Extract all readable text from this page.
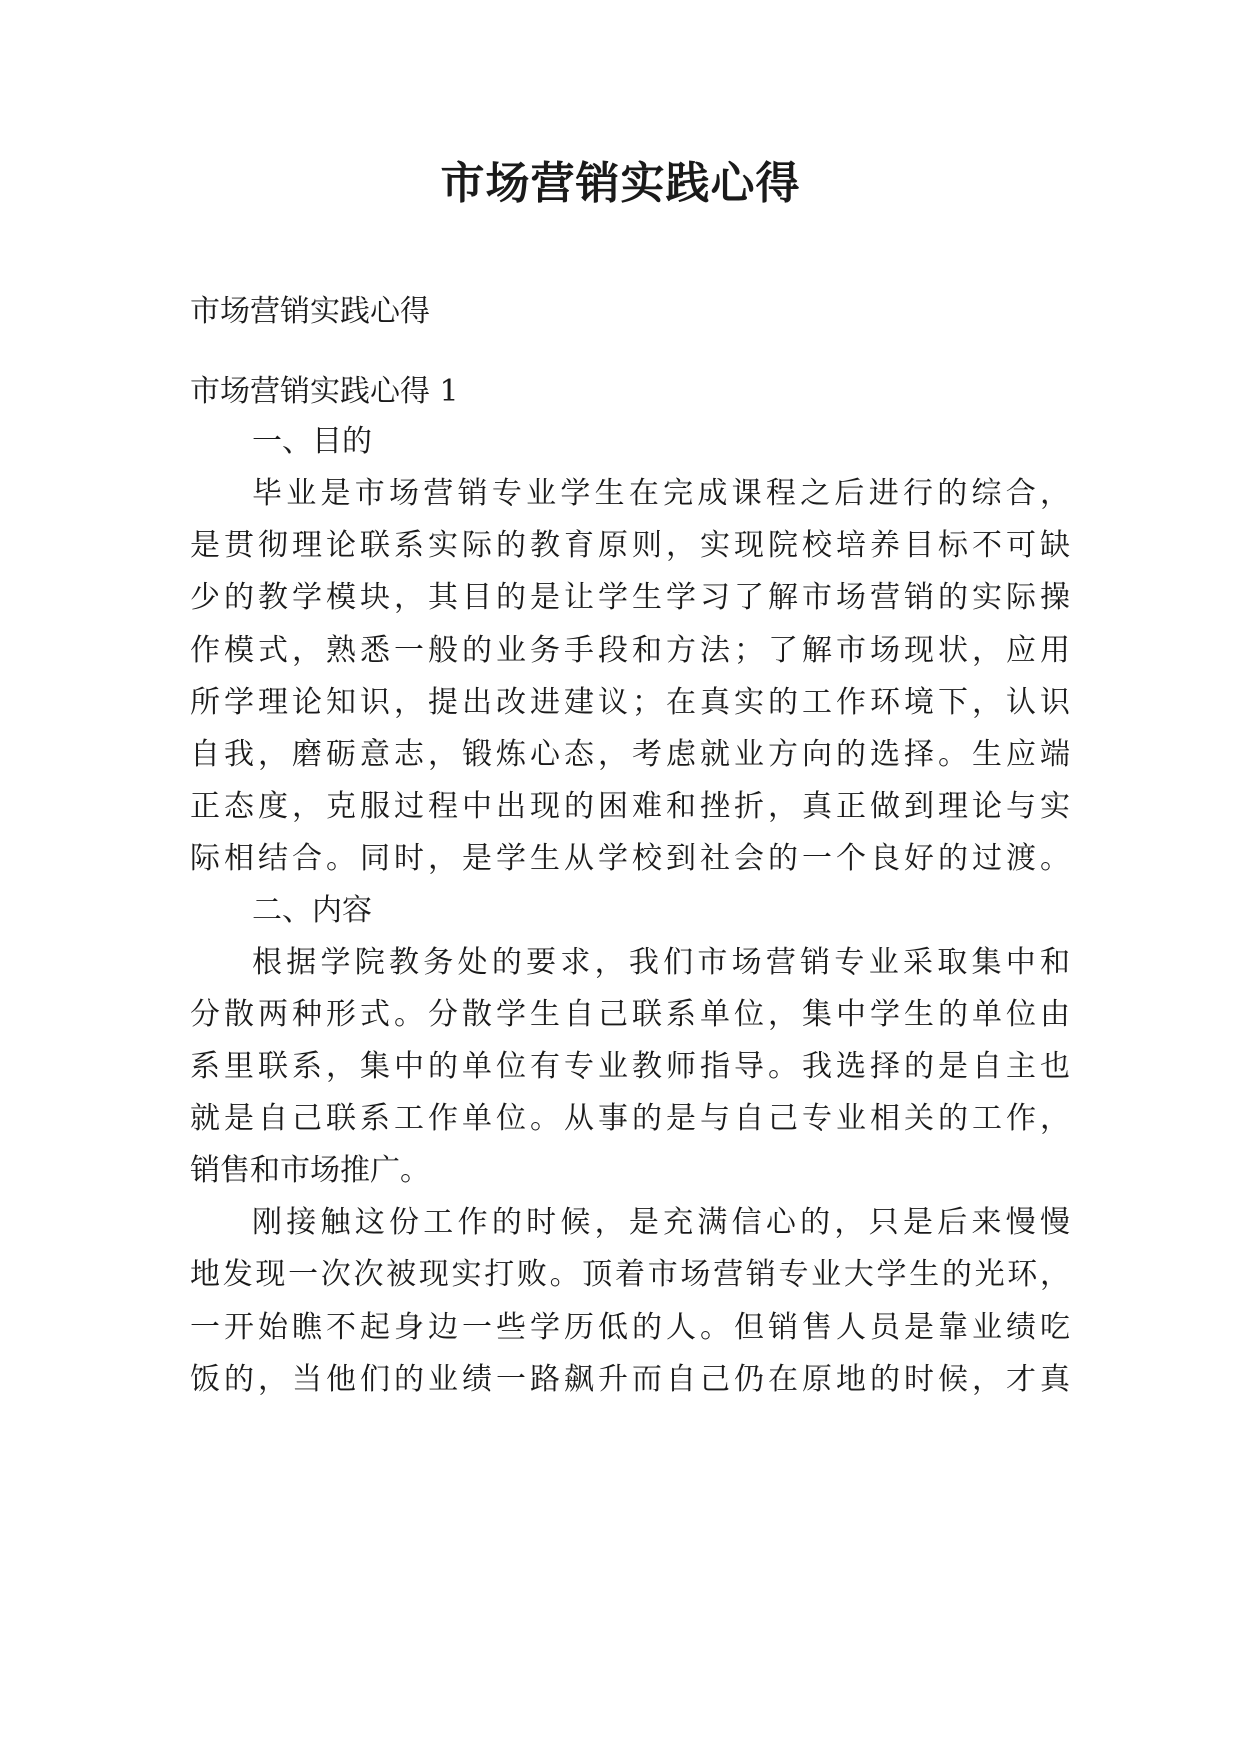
市场营销实践心得

市场营销实践心得

市场营销实践心得 1

一、目的

毕业是市场营销专业学生在完成课程之后进行的综合，

是贯彻理论联系实际的教育原则，实现院校培养目标不可缺

少的教学模块，其目的是让学生学习了解市场营销的实际操

作模式，熟悉一般的业务手段和方法；了解市场现状，应用

所学理论知识，提出改进建议；在真实的工作环境下，认识

自我，磨砺意志，锻炼心态，考虑就业方向的选择。生应端

正态度，克服过程中出现的困难和挫折，真正做到理论与实

际相结合。同时，是学生从学校到社会的一个良好的过渡。

二、内容

根据学院教务处的要求，我们市场营销专业采取集中和

分散两种形式。分散学生自己联系单位，集中学生的单位由

系里联系，集中的单位有专业教师指导。我选择的是自主也

就是自己联系工作单位。从事的是与自己专业相关的工作，

销售和市场推广。

刚接触这份工作的时候，是充满信心的，只是后来慢慢

地发现一次次被现实打败。顶着市场营销专业大学生的光环，

一开始瞧不起身边一些学历低的人。但销售人员是靠业绩吃

饭的，当他们的业绩一路飙升而自己仍在原地的时候，才真
